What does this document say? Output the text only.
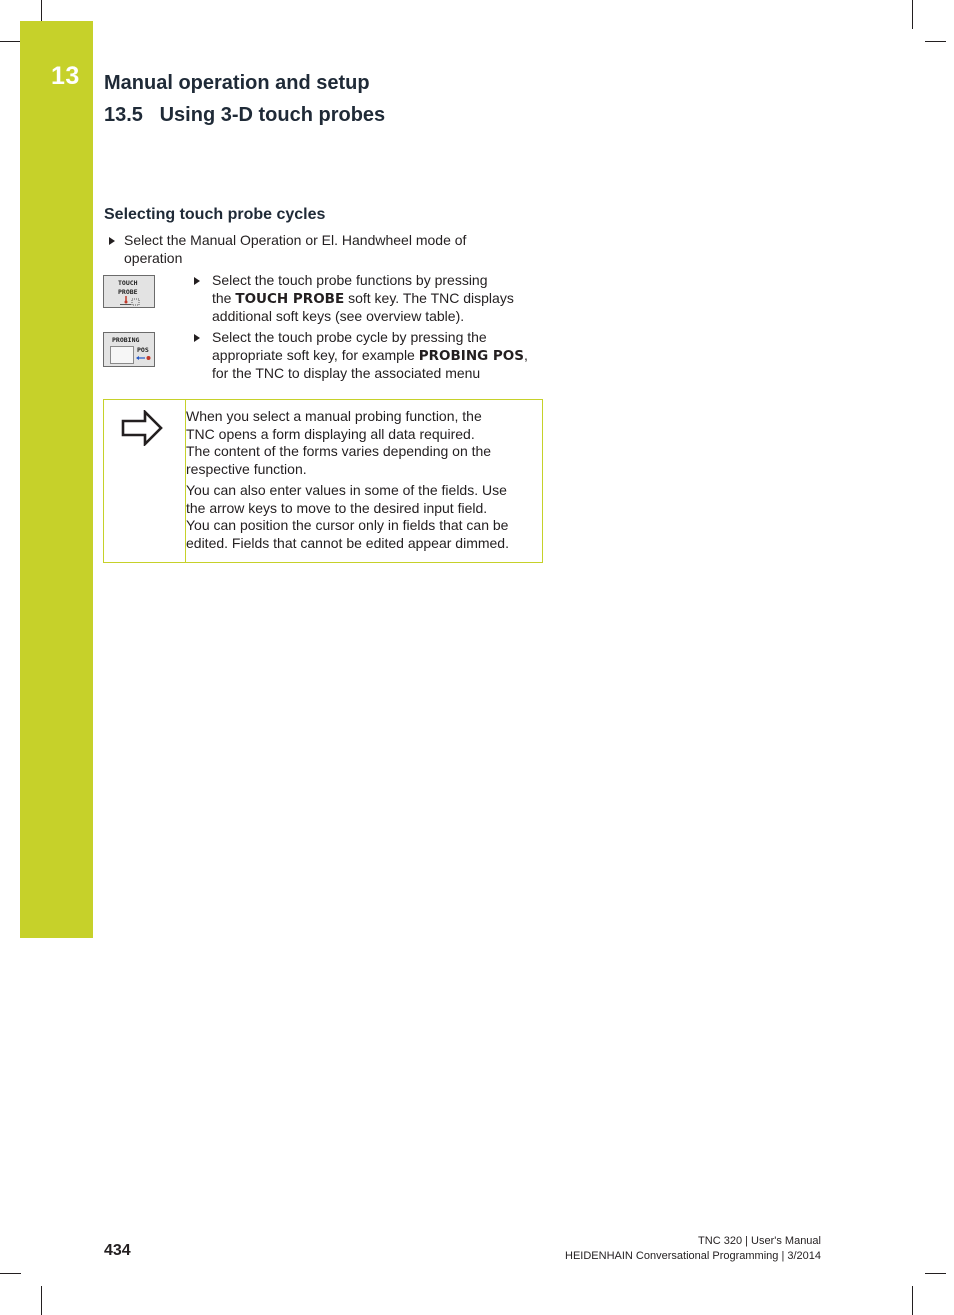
13 Manual operation and setup
13.5 Using 3-D touch probes
Selecting touch probe cycles
Select the Manual Operation or El. Handwheel mode of
operation
TOUCH
PROBE
Select the touch probe functions by pressing
the TOUCH PROBE soft key. The TNC displays
additional soft keys (see overview table).
PROBING
POS
Select the touch probe cycle by pressing the
appropriate soft key, for example PROBING POS,
for the TNC to display the associated menu
When you select a manual probing function, the
TNC opens a form displaying all data required.
The content of the forms varies depending on the
respective function.
You can also enter values in some of the fields. Use
the arrow keys to move to the desired input field.
You can position the cursor only in fields that can be
edited. Fields that cannot be edited appear dimmed.
434
TNC 320 | User's Manual
HEIDENHAIN Conversational Programming | 3/2014
